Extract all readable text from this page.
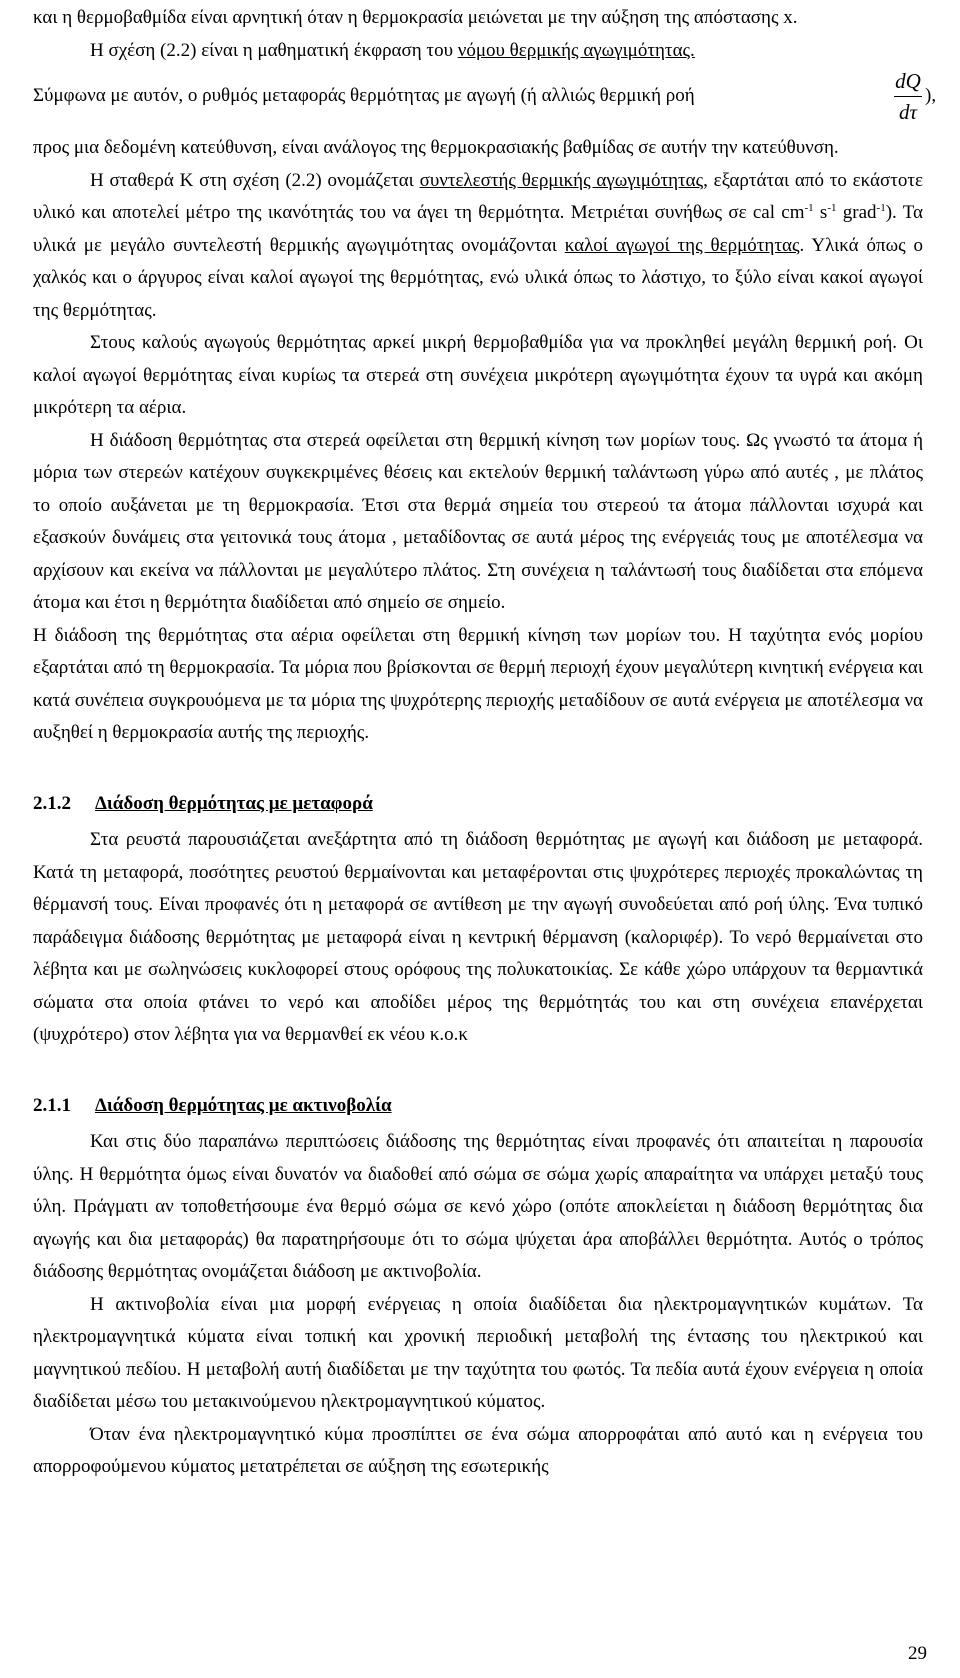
και η θερμοβαθμίδα είναι αρνητική όταν η θερμοκρασία μειώνεται με την αύξηση της απόστασης x.

Η σχέση (2.2) είναι η μαθηματική έκφραση του νόμου θερμικής αγωγιμότητας.

Σύμφωνα με αυτόν, ο ρυθμός μεταφοράς θερμότητας με αγωγή (ή αλλιώς θερμική ροή
dQ
dτ
),

προς μια δεδομένη κατεύθυνση, είναι ανάλογος της θερμοκρασιακής βαθμίδας σε αυτήν την κατεύθυνση.

Η σταθερά Κ στη σχέση (2.2) ονομάζεται συντελεστής θερμικής αγωγιμότητας, εξαρτάται από το εκάστοτε υλικό και αποτελεί μέτρο της ικανότητάς του να άγει τη θερμότητα. Μετριέται συνήθως σε cal $cm^{-1}$ $s^{-1}$ grad$^{-1}$). Τα υλικά με μεγάλο συντελεστή θερμικής αγωγιμότητας ονομάζονται καλοί αγωγοί της θερμότητας. Υλικά όπως ο χαλκός και ο άργυρος είναι καλοί αγωγοί της θερμότητας, ενώ υλικά όπως το λάστιχο, το ξύλο είναι κακοί αγωγοί της θερμότητας.

Στους καλούς αγωγούς θερμότητας αρκεί μικρή θερμοβαθμίδα για να προκληθεί μεγάλη θερμική ροή. Οι καλοί αγωγοί θερμότητας είναι κυρίως τα στερεά στη συνέχεια μικρότερη αγωγιμότητα έχουν τα υγρά και ακόμη μικρότερη τα αέρια.

Η διάδοση θερμότητας στα στερεά οφείλεται στη θερμική κίνηση των μορίων τους. Ως γνωστό τα άτομα ή μόρια των στερεών κατέχουν συγκεκριμένες θέσεις και εκτελούν θερμική ταλάντωση γύρω από αυτές , με πλάτος το οποίο αυξάνεται με τη θερμοκρασία. Έτσι στα θερμά σημεία του στερεού τα άτομα πάλλονται ισχυρά και εξασκούν δυνάμεις στα γειτονικά τους άτομα , μεταδίδοντας σε αυτά μέρος της ενέργειάς τους με αποτέλεσμα να αρχίσουν και εκείνα να πάλλονται με μεγαλύτερο πλάτος. Στη συνέχεια η ταλάντωσή τους διαδίδεται στα επόμενα άτομα και έτσι η θερμότητα διαδίδεται από σημείο σε σημείο.

Η διάδοση της θερμότητας στα αέρια οφείλεται στη θερμική κίνηση των μορίων του. Η ταχύτητα ενός μορίου εξαρτάται από τη θερμοκρασία. Τα μόρια που βρίσκονται σε θερμή περιοχή έχουν μεγαλύτερη κινητική ενέργεια και κατά συνέπεια συγκρουόμενα με τα μόρια της ψυχρότερης περιοχής μεταδίδουν σε αυτά ενέργεια με αποτέλεσμα να αυξηθεί η θερμοκρασία αυτής της περιοχής.

2.1.2 Διάδοση θερμότητας με μεταφορά

Στα ρευστά παρουσιάζεται ανεξάρτητα από τη διάδοση θερμότητας με αγωγή και διάδοση με μεταφορά. Κατά τη μεταφορά, ποσότητες ρευστού θερμαίνονται και μεταφέρονται στις ψυχρότερες περιοχές προκαλώντας τη θέρμανσή τους. Είναι προφανές ότι η μεταφορά σε αντίθεση με την αγωγή συνοδεύεται από ροή ύλης. Ένα τυπικό παράδειγμα διάδοσης θερμότητας με μεταφορά είναι η κεντρική θέρμανση (καλοριφέρ). Το νερό θερμαίνεται στο λέβητα και με σωληνώσεις κυκλοφορεί στους ορόφους της πολυκατοικίας. Σε κάθε χώρο υπάρχουν τα θερμαντικά σώματα στα οποία φτάνει το νερό και αποδίδει μέρος της θερμότητάς του και στη συνέχεια επανέρχεται (ψυχρότερο) στον λέβητα για να θερμανθεί εκ νέου κ.ο.κ

2.1.1 Διάδοση θερμότητας με ακτινοβολία

Και στις δύο παραπάνω περιπτώσεις διάδοσης της θερμότητας είναι προφανές ότι απαιτείται η παρουσία ύλης. Η θερμότητα όμως είναι δυνατόν να διαδοθεί από σώμα σε σώμα χωρίς απαραίτητα να υπάρχει μεταξύ τους ύλη. Πράγματι αν τοποθετήσουμε ένα θερμό σώμα σε κενό χώρο (οπότε αποκλείεται η διάδοση θερμότητας δια αγωγής και δια μεταφοράς) θα παρατηρήσουμε ότι το σώμα ψύχεται άρα αποβάλλει θερμότητα. Αυτός ο τρόπος διάδοσης θερμότητας ονομάζεται διάδοση με ακτινοβολία.

Η ακτινοβολία είναι μια μορφή ενέργειας η οποία διαδίδεται δια ηλεκτρομαγνητικών κυμάτων. Τα ηλεκτρομαγνητικά κύματα είναι τοπική και χρονική περιοδική μεταβολή της έντασης του ηλεκτρικού και μαγνητικού πεδίου. Η μεταβολή αυτή διαδίδεται με την ταχύτητα του φωτός. Τα πεδία αυτά έχουν ενέργεια η οποία διαδίδεται μέσω του μετακινούμενου ηλεκτρομαγνητικού κύματος.

Όταν ένα ηλεκτρομαγνητικό κύμα προσπίπτει σε ένα σώμα απορροφάται από αυτό και η ενέργεια του απορροφούμενου κύματος μετατρέπεται σε αύξηση της εσωτερικής

29
